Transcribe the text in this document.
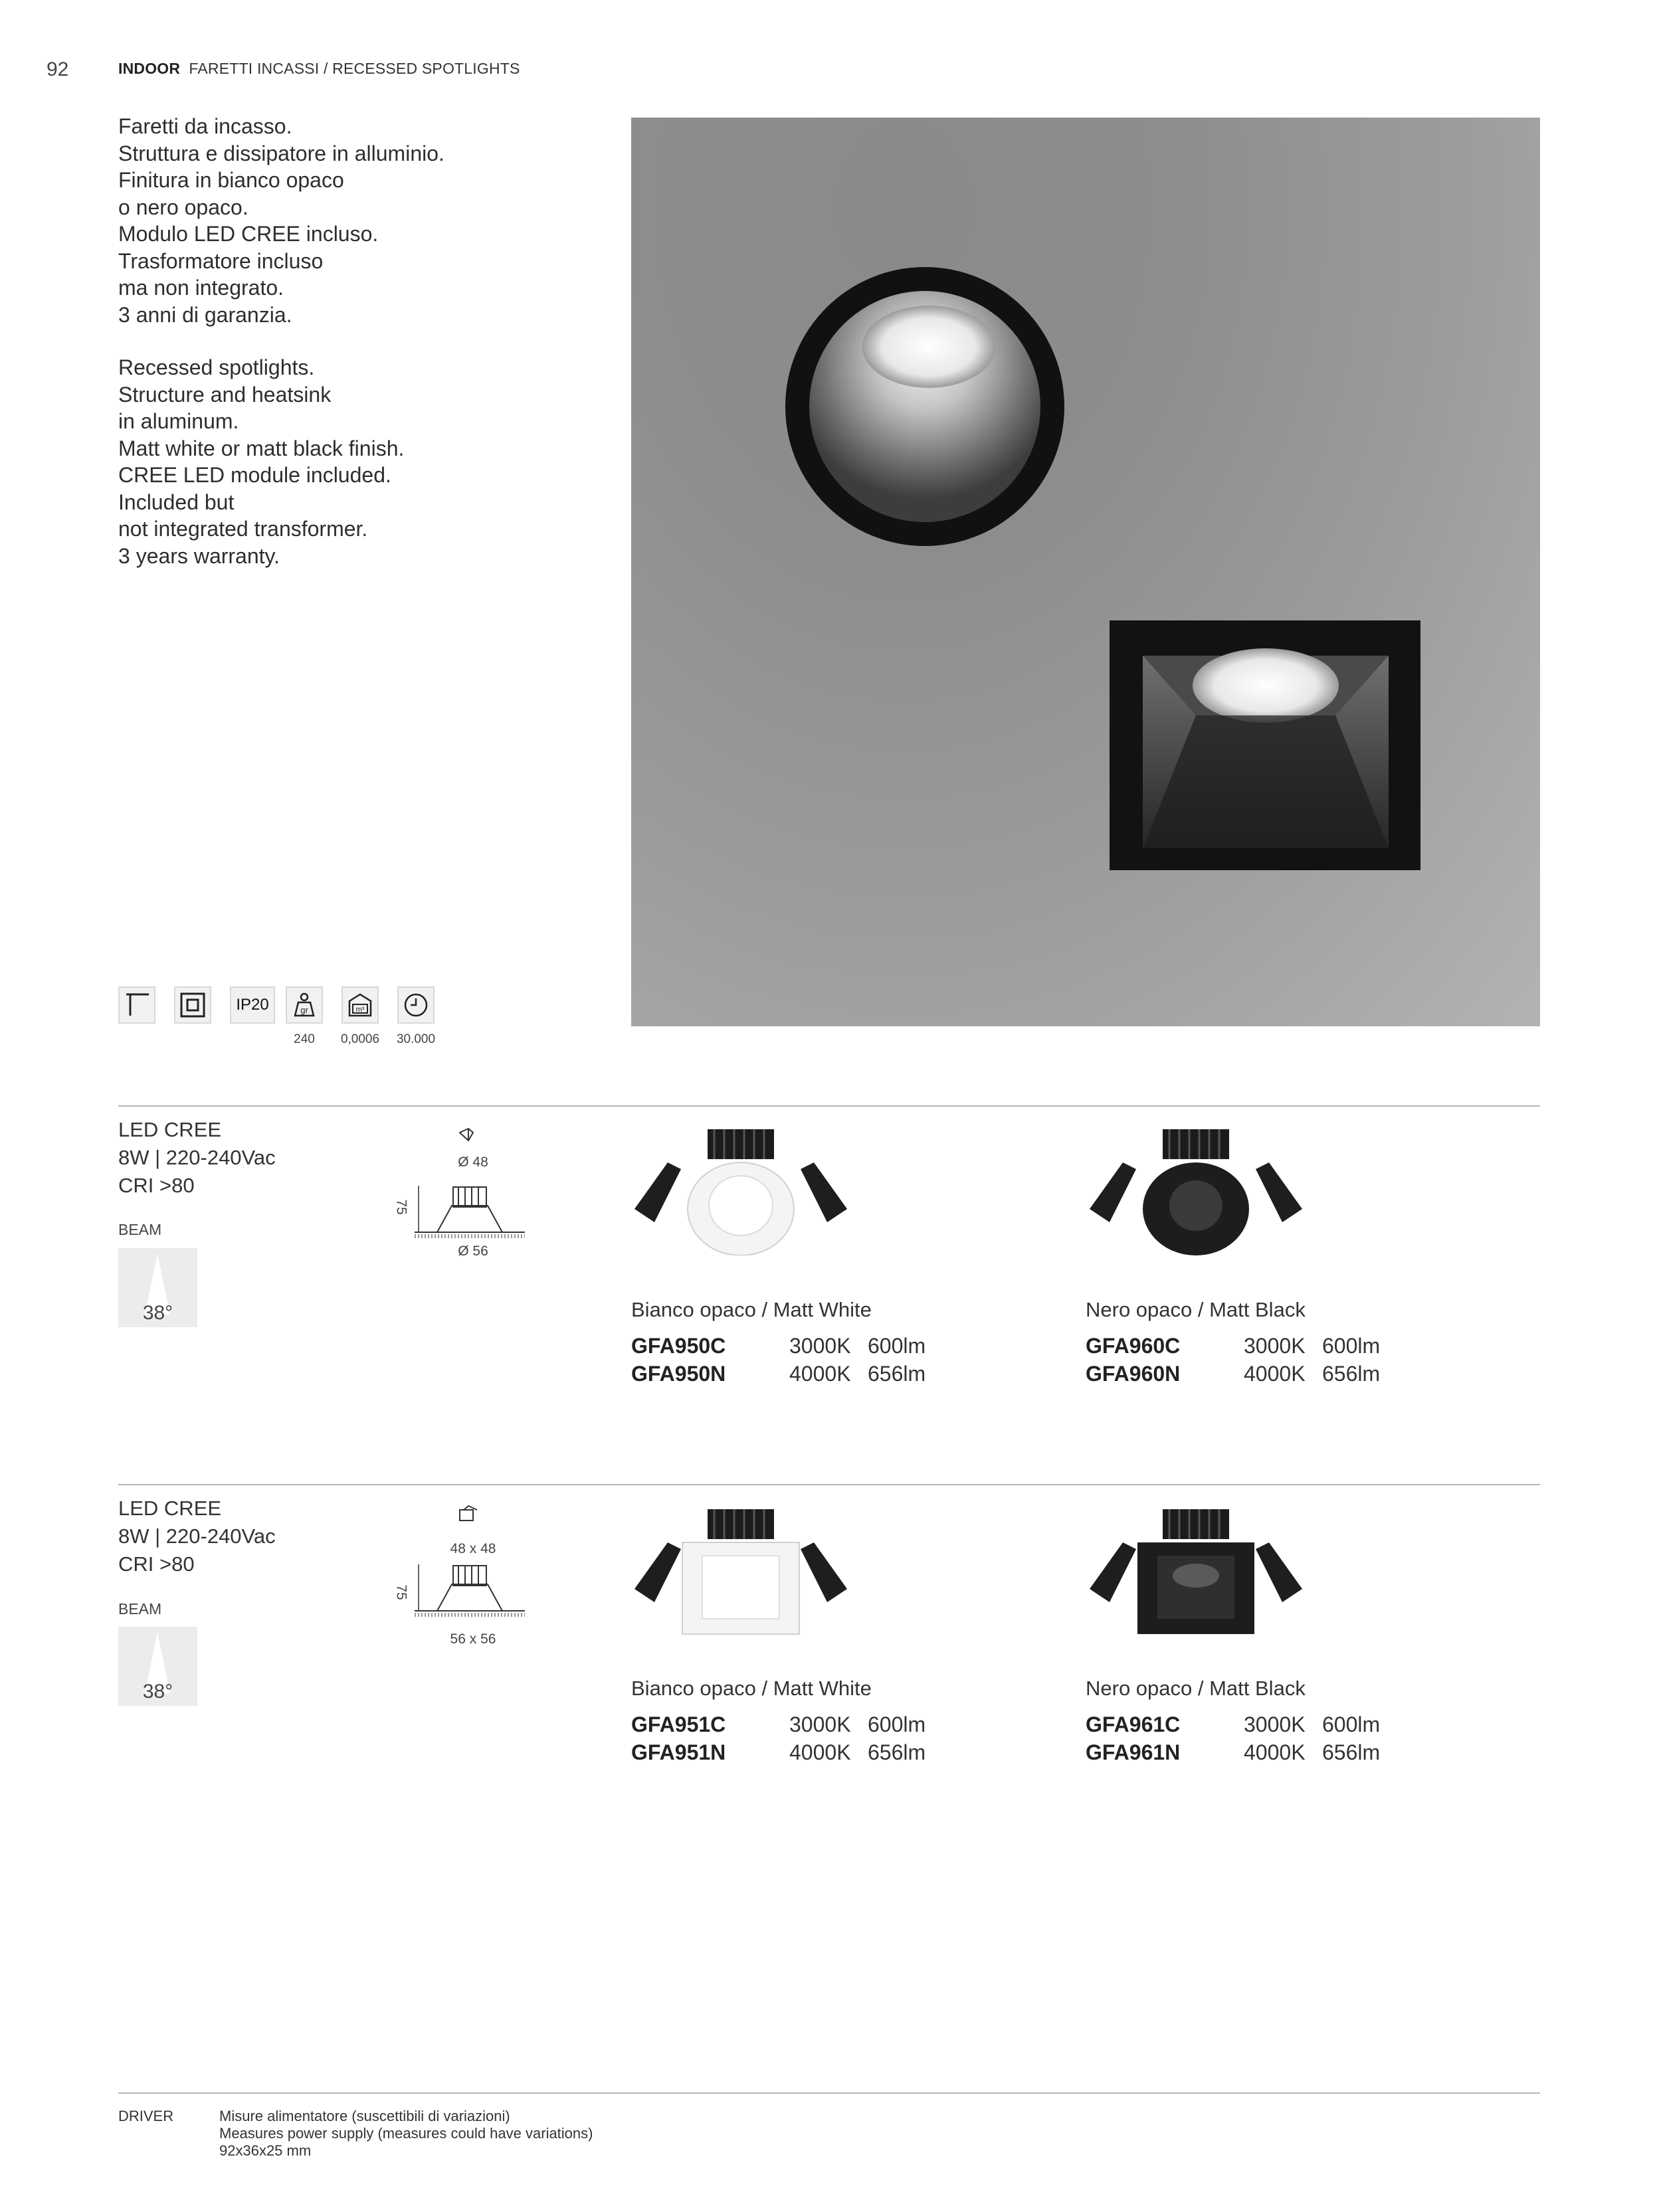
92	INDOOR FARETTI INCASSI / RECESSED SPOTLIGHTS
Faretti da incasso.
Struttura e dissipatore in alluminio.
Finitura in bianco opaco
o nero opaco.
Modulo LED CREE incluso.
Trasformatore incluso
ma non integrato.
3 anni di garanzia.
Recessed spotlights.
Structure and heatsink
in aluminum.
Matt white or matt black finish.
CREE LED module included.
Included but
not integrated transformer.
3 years warranty.
IP20	gr	m³
240	0,0006	30.000
LED CREE
8W | 220-240Vac
CRI >80
BEAM
38°
Ø 48
75
Ø 56
Bianco opaco / Matt White
GFA950C	3000K 600lm
GFA950N	4000K 656lm
Nero opaco / Matt Black
GFA960C	3000K 600lm
GFA960N	4000K 656lm
LED CREE
8W | 220-240Vac
CRI >80
BEAM
38°
48 x 48
75
56 x 56
Bianco opaco / Matt White
GFA951C	3000K 600lm
GFA951N	4000K 656lm
Nero opaco / Matt Black
GFA961C	3000K 600lm
GFA961N	4000K 656lm
DRIVER	Misure alimentatore (suscettibili di variazioni)
Measures power supply (measures could have variations)
92x36x25 mm
